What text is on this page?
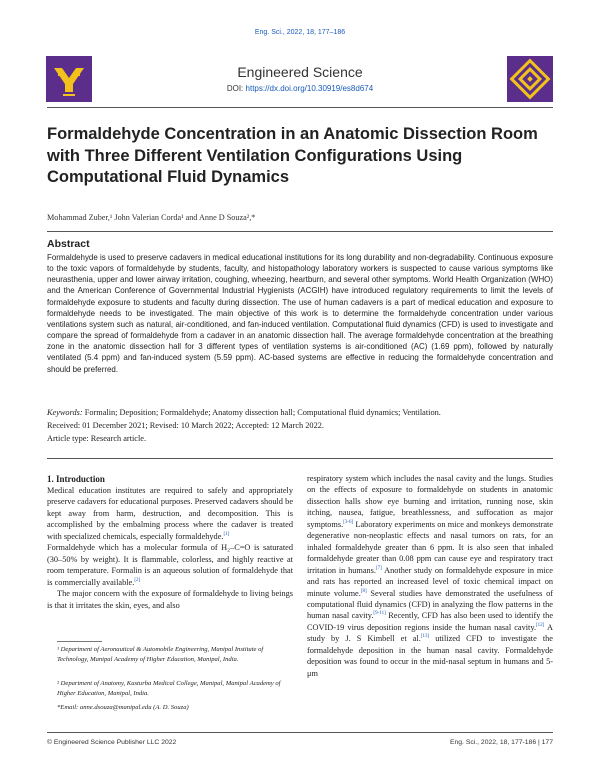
Eng. Sci., 2022, 18, 177–186
Engineered Science
DOI: https://dx.doi.org/10.30919/es8d674
Formaldehyde Concentration in an Anatomic Dissection Room with Three Different Ventilation Configurations Using Computational Fluid Dynamics
Mohammad Zuber,¹ John Valerian Corda¹ and Anne D Souza²,*
Abstract
Formaldehyde is used to preserve cadavers in medical educational institutions for its long durability and non-degradability. Continuous exposure to the toxic vapors of formaldehyde by students, faculty, and histopathology laboratory workers is suspected to cause various symptoms like neurasthenia, upper and lower airway irritation, coughing, wheezing, heartburn, and several other symptoms. World Health Organization (WHO) and the American Conference of Governmental Industrial Hygienists (ACGIH) have introduced regulatory requirements to limit the levels of formaldehyde exposure to students and faculty during dissection. The use of human cadavers is a part of medical education and exposure to formaldehyde needs to be investigated. The main objective of this work is to determine the formaldehyde concentration under various ventilations system such as natural, air-conditioned, and fan-induced ventilation. Computational fluid dynamics (CFD) is used to investigate and compare the spread of formaldehyde from a cadaver in an anatomic dissection hall. The average formaldehyde concentration at the breathing zone in the anatomic dissection hall for 3 different types of ventilation systems is air-conditioned (AC) (1.69 ppm), followed by naturally ventilated (5.4 ppm) and fan-induced system (5.59 ppm). AC-based systems are effective in reducing the formaldehyde concentration and should be preferred.
Keywords: Formalin; Deposition; Formaldehyde; Anatomy dissection hall; Computational fluid dynamics; Ventilation.
Received: 01 December 2021; Revised: 10 March 2022; Accepted: 12 March 2022.
Article type: Research article.
1. Introduction

Medical education institutes are required to safely and appropriately preserve cadavers for educational purposes. Preserved cadavers should be kept away from harm, destruction, and decomposition. This is accomplished by the embalming process where the cadaver is treated with specialized chemicals, especially formaldehyde.[1]

Formaldehyde which has a molecular formula of H₂–C=O is saturated (30–50% by weight). It is flammable, colorless, and highly reactive at room temperature. Formalin is an aqueous solution of formaldehyde that is commercially available.[2]

The major concern with the exposure of formaldehyde to living beings is that it irritates the skin, eyes, and also

¹ Department of Aeronautical & Automobile Engineering, Manipal Institute of Technology, Manipal Academy of Higher Education, Manipal, India.
² Department of Anatomy, Kasturba Medical College, Manipal, Manipal Academy of Higher Education, Manipal, India.
*Email: anne.dsouza@manipal.edu (A. D. Souza)

respiratory system which includes the nasal cavity and the lungs. Studies on the effects of exposure to formaldehyde on students in anatomic dissection halls show eye burning and irritation, running nose, skin itching, nausea, fatigue, breathlessness, and suffocation as major symptoms.[3-6] Laboratory experiments on mice and monkeys demonstrate degenerative non-neoplastic effects and nasal tumors on rats, for an inhaled formaldehyde greater than 6 ppm. It is also seen that inhaled formaldehyde greater than 0.08 ppm can cause eye and respiratory tract irritation in humans.[7] Another study on formaldehyde exposure in mice and rats has reported an increased level of toxic chemical impact on minute volume.[8] Several studies have demonstrated the usefulness of computational fluid dynamics (CFD) in analyzing the flow patterns in the human nasal cavity.[9-11] Recently, CFD has also been used to identify the COVID-19 virus deposition regions inside the human nasal cavity.[12] A study by J. S Kimbell et al.[13] utilized CFD to investigate the formaldehyde deposition in the human nasal cavity. Formaldehyde deposition was found to occur in the mid-nasal septum in humans and 5-μm

© Engineered Science Publisher LLC 2022	Eng. Sci., 2022, 18, 177-186 | 177
